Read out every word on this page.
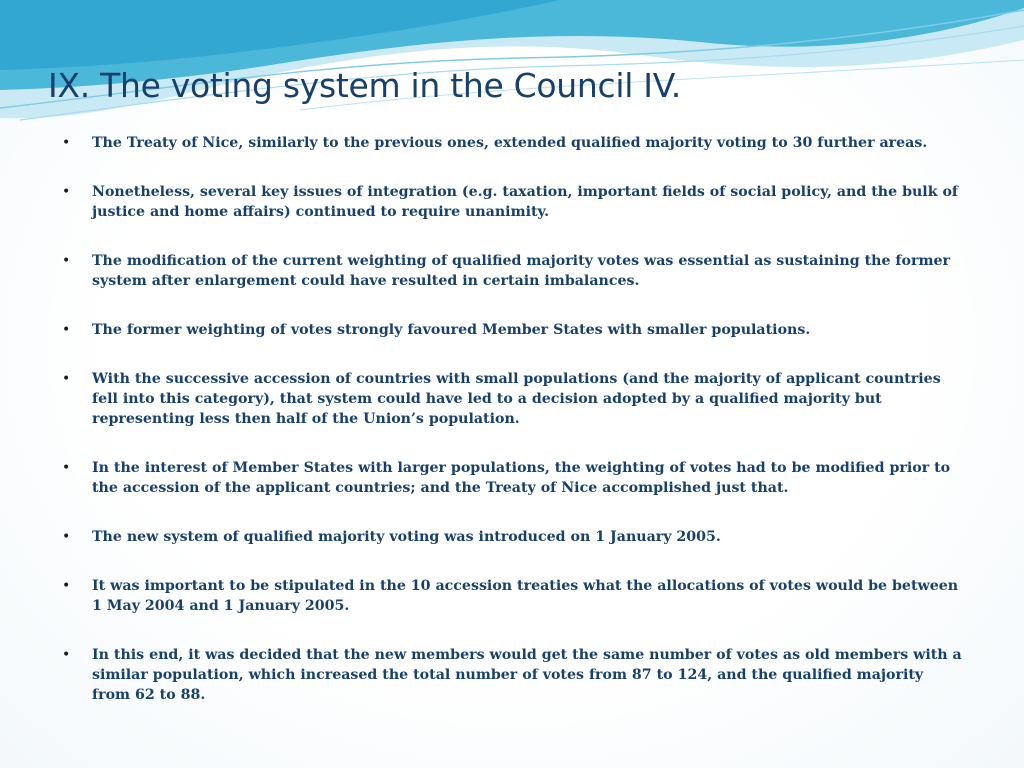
IX. The voting system in the Council IV.
•	The Treaty of Nice, similarly to the previous ones, extended qualified majority voting to 30 further areas.
•	Nonetheless, several key issues of integration (e.g. taxation, important fields of social policy, and the bulk of justice and home affairs) continued to require unanimity.
•	The modification of the current weighting of qualified majority votes was essential as sustaining the former system after enlargement could have resulted in certain imbalances.
•	The former weighting of votes strongly favoured Member States with smaller populations.
•	With the successive accession of countries with small populations (and the majority of applicant countries fell into this category), that system could have led to a decision adopted by a qualified majority but representing less then half of the Union’s population.
•	In the interest of Member States with larger populations, the weighting of votes had to be modified prior to the accession of the applicant countries; and the Treaty of Nice accomplished just that.
•	The new system of qualified majority voting was introduced on 1 January 2005.
•	It was important to be stipulated in the 10 accession treaties what the allocations of votes would be between 1 May 2004 and 1 January 2005.
•	In this end, it was decided that the new members would get the same number of votes as old members with a similar population, which increased the total number of votes from 87 to 124, and the qualified majority from 62 to 88.
